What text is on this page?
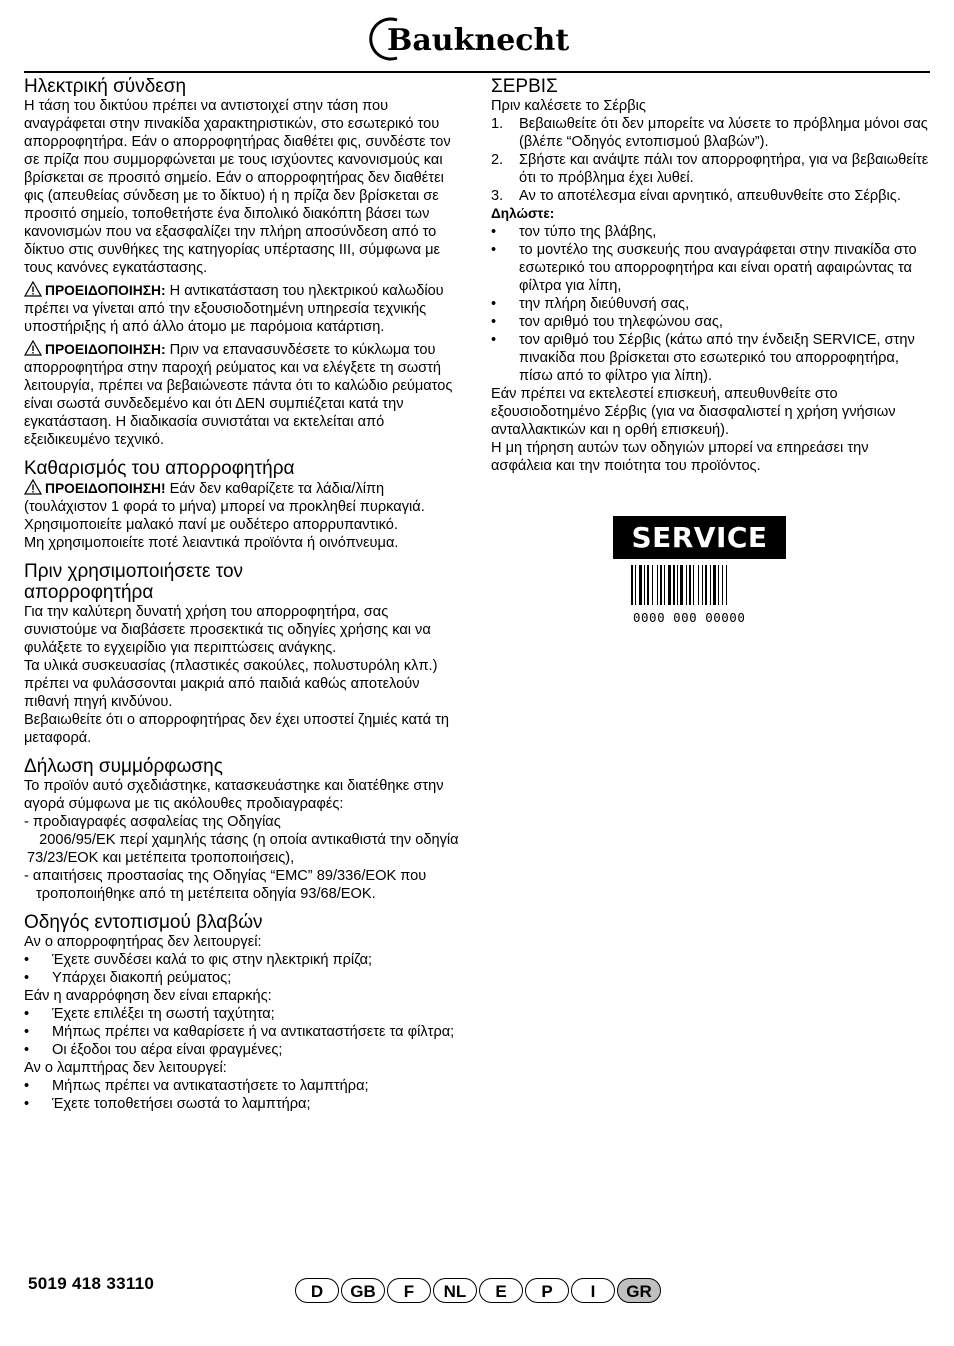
Bauknecht
Ηλεκτρική σύνδεση

Η τάση του δικτύου πρέπει να αντιστοιχεί στην τάση που αναγράφεται στην πινακίδα χαρακτηριστικών, στο εσωτερικό του απορροφητήρα. Εάν ο απορροφητήρας διαθέτει φις, συνδέστε τον σε πρίζα που συμμορφώνεται με τους ισχύοντες κανονισμούς και βρίσκεται σε προσιτό σημείο. Εάν ο απορροφητήρας δεν διαθέτει φις (απευθείας σύνδεση με το δίκτυο) ή η πρίζα δεν βρίσκεται σε προσιτό σημείο, τοποθετήστε ένα διπολικό διακόπτη βάσει των κανονισμών που να εξασφαλίζει την πλήρη αποσύνδεση από το δίκτυο στις συνθήκες της κατηγορίας υπέρτασης III, σύμφωνα με τους κανόνες εγκατάστασης.

ΠΡΟΕΙΔΟΠΟΙΗΣΗ: Η αντικατάσταση του ηλεκτρικού καλωδίου πρέπει να γίνεται από την εξουσιοδοτημένη υπηρεσία τεχνικής υποστήριξης ή από άλλο άτομο με παρόμοια κατάρτιση.

ΠΡΟΕΙΔΟΠΟΙΗΣΗ: Πριν να επανασυνδέσετε το κύκλωμα του απορροφητήρα στην παροχή ρεύματος και να ελέγξετε τη σωστή λειτουργία, πρέπει να βεβαιώνεστε πάντα ότι το καλώδιο ρεύματος είναι σωστά συνδεδεμένο και ότι ΔΕΝ συμπιέζεται κατά την εγκατάσταση. Η διαδικασία συνιστάται να εκτελείται από εξειδικευμένο τεχνικό.

Καθαρισμός του απορροφητήρα

ΠΡΟΕΙΔΟΠΟΙΗΣΗ! Εάν δεν καθαρίζετε τα λάδια/λίπη (τουλάχιστον 1 φορά το μήνα) μπορεί να προκληθεί πυρκαγιά.

Χρησιμοποιείτε μαλακό πανί με ουδέτερο απορρυπαντικό.

Μη χρησιμοποιείτε ποτέ λειαντικά προϊόντα ή οινόπνευμα.

Πριν χρησιμοποιήσετε τον απορροφητήρα

Για την καλύτερη δυνατή χρήση του απορροφητήρα, σας συνιστούμε να διαβάσετε προσεκτικά τις οδηγίες χρήσης και να φυλάξετε το εγχειρίδιο για περιπτώσεις ανάγκης.

Τα υλικά συσκευασίας (πλαστικές σακούλες, πολυστυρόλη κλπ.) πρέπει να φυλάσσονται μακριά από παιδιά καθώς αποτελούν πιθανή πηγή κινδύνου.

Βεβαιωθείτε ότι ο απορροφητήρας δεν έχει υποστεί ζημιές κατά τη μεταφορά.

Δήλωση συμμόρφωσης

Το προϊόν αυτό σχεδιάστηκε, κατασκευάστηκε και διατέθηκε στην αγορά σύμφωνα με τις ακόλουθες προδιαγραφές:

- προδιαγραφές ασφαλείας της Οδηγίας

2006/95/ΕΚ περί χαμηλής τάσης (η οποία αντικαθιστά την οδηγία 73/23/ΕΟΚ και μετέπειτα τροποποιήσεις),

- απαιτήσεις προστασίας της Οδηγίας “EMC” 89/336/ΕΟΚ που τροποποιήθηκε από τη μετέπειτα οδηγία 93/68/ΕΟΚ.

Οδηγός εντοπισμού βλαβών

Αν ο απορροφητήρας δεν λειτουργεί:

• Έχετε συνδέσει καλά το φις στην ηλεκτρική πρίζα;
• Υπάρχει διακοπή ρεύματος;

Εάν η αναρρόφηση δεν είναι επαρκής:

• Έχετε επιλέξει τη σωστή ταχύτητα;
• Μήπως πρέπει να καθαρίσετε ή να αντικαταστήσετε τα φίλτρα;
• Οι έξοδοι του αέρα είναι φραγμένες;

Αν ο λαμπτήρας δεν λειτουργεί:

• Μήπως πρέπει να αντικαταστήσετε το λαμπτήρα;
• Έχετε τοποθετήσει σωστά το λαμπτήρα;
ΣΕΡΒΙΣ

Πριν καλέσετε το Σέρβις

1. Βεβαιωθείτε ότι δεν μπορείτε να λύσετε το πρόβλημα μόνοι σας (βλέπε “Οδηγός εντοπισμού βλαβών”).
2. Σβήστε και ανάψτε πάλι τον απορροφητήρα, για να βεβαιωθείτε ότι το πρόβλημα έχει λυθεί.
3. Αν το αποτέλεσμα είναι αρνητικό, απευθυνθείτε στο Σέρβις.

Δηλώστε:

• τον τύπο της βλάβης,
• το μοντέλο της συσκευής που αναγράφεται στην πινακίδα στο εσωτερικό του απορροφητήρα και είναι ορατή αφαιρώντας τα φίλτρα για λίπη,
• την πλήρη διεύθυνσή σας,
• τον αριθμό του τηλεφώνου σας,
• τον αριθμό του Σέρβις (κάτω από την ένδειξη SERVICE, στην πινακίδα που βρίσκεται στο εσωτερικό του απορροφητήρα, πίσω από το φίλτρο για λίπη).

Εάν πρέπει να εκτελεστεί επισκευή, απευθυνθείτε στο εξουσιοδοτημένο Σέρβις (για να διασφαλιστεί η χρήση γνήσιων ανταλλακτικών και η ορθή επισκευή).

Η μη τήρηση αυτών των οδηγιών μπορεί να επηρεάσει την ασφάλεια και την ποιότητα του προϊόντος.

SERVICE
0000 000 00000
5019 418 33110	D	GB	F	NL	E	P	I	GR
